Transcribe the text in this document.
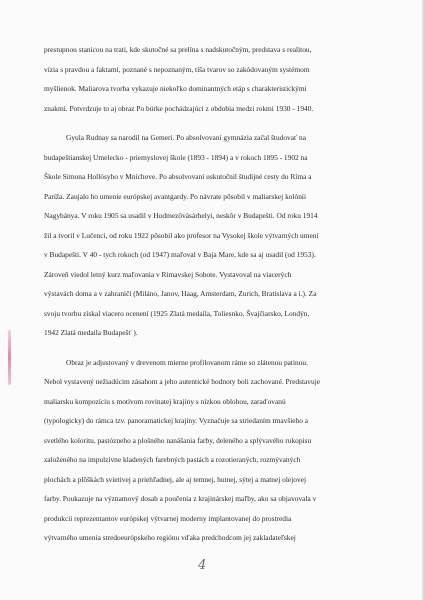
prestupnou stanicou na trati, kde skutočné sa prelína s nadskutočným, predstava s realitou,
vízia s pravdou a faktami, poznané s nepoznaným, tíša tvarov so zakódovaným systémom
myšlienok. Maliarova tvorba vykazuje niekoľko dominantných etáp s charakteristickými
znakmi. Potvrdzuje to aj obraz Po búrke pochádzajúci z obdobia medzi rokmi 1930 - 1940.
Gyula Rudnay sa narodil na Gemeri. Po absolvovaní gymnázia začal študovať na
budapeštianskej Umelecko - priemyslovej škole (1893 - 1894) a v rokoch 1895 - 1902 na
Škole Simona Hollósyho v Mníchove. Po absolvovaní uskutočnil študijné cesty do Ríma a
Paríža. Zaujalo ho umenie európskej avantgardy. Po návrate pôsobil v maliarskej kolónii
Nagybánya. V roku 1905 sa usadil v Hodmezővásárhelyi, neskôr v Budapešti. Od roku 1914
žil a tvoril v Lučenci, od roku 1922 pôsobil ako profesor na Vysokej škole výtvarných umení
v Budapešti. V 40 - tych rokoch (od 1947) maľoval v Baja Mare, kde sa aj usadil (od 1953).
Zároveň viedol letný kurz maľovania v Rimavskej Sobote. Vystavoval na viacerých
výstavách doma a v zahraničí (Miláno, Janov, Haag, Amsterdam, Zurich, Bratislava a i.). Za
svoju tvorbu získal viacero ocenení (1925 Zlatá medaila, Toliesnko, Švajčiarsko, Londýn,
1942 Zlatá medaila Budapešť ).
Obraz je adjustovaný v drevenom mierne profilovanom ráme so zlátenou patinou.
Nebol vystavený nežiadúcim zásahom a jeho autentické hodnoty boli zachované. Predstavuje
maliarsku kompozíciu s motívom rovinatej krajiny s nízkou oblohou, zaraďovanú
(typologicky) do rámca tzv. panoramatickej krajiny. Vyznačuje sa striedaním tmavšieho a
svetlého koloritu, pastózneho a plošného nanášania farby, deleného a splývavého rukopisu
založeného na impulzívne kladených farebných pastách a rozotieraných, rozmývaných
plochách a plôškách svietivej a priehľadnej, ale aj temnej, hutnej, sýtej a matnej olejovej
farby. Poukazuje na významový dosah a poučenia z krajinárskej maľby, ako sa objavovala v
produkcii reprezentantov európskej výtvarnej moderny implantovanej do prostredia
výtvarného umenia stredoeurópskeho regiónu vďaka predchodcom jej zakladateľskej
4
